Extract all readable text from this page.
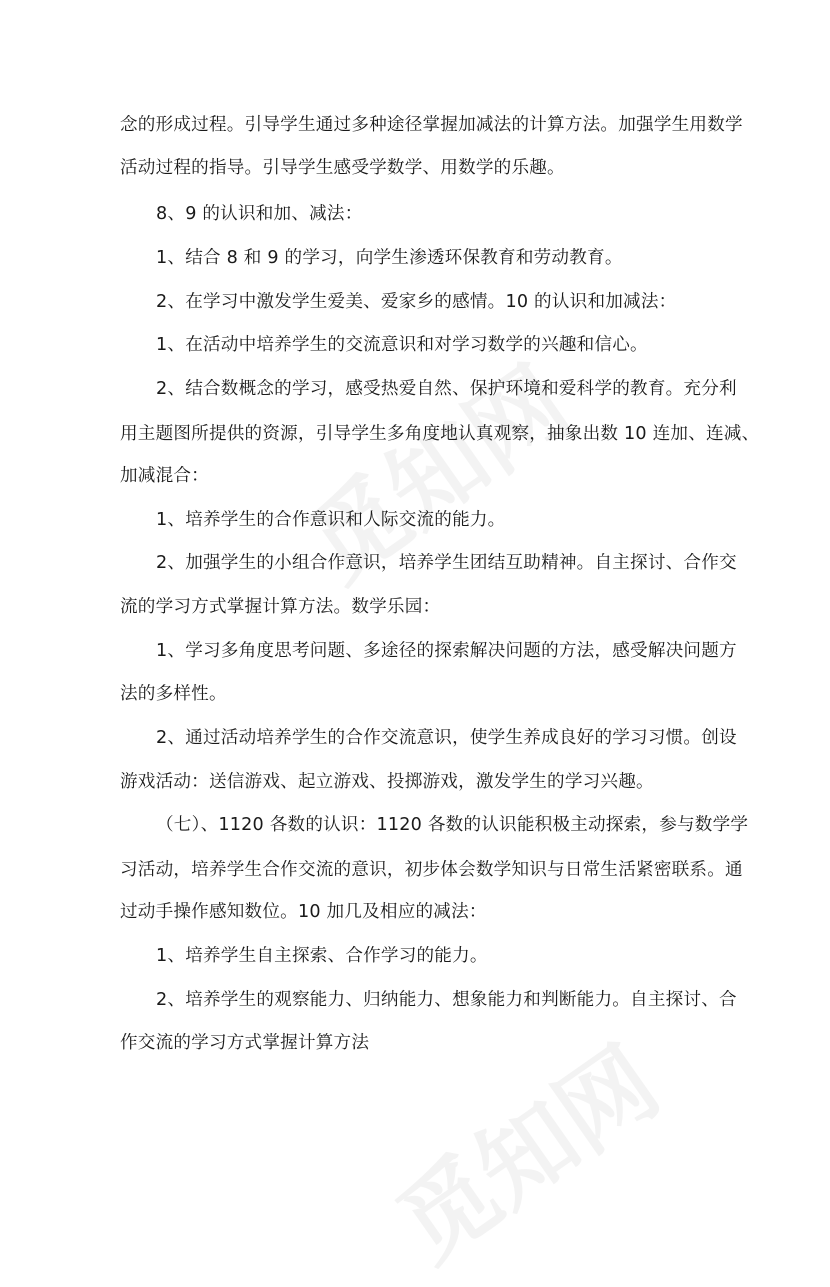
念的形成过程。引导学生通过多种途径掌握加减法的计算方法。加强学生用数学
活动过程的指导。引导学生感受学数学、用数学的乐趣。
8、9 的认识和加、减法：
1、结合 8 和 9 的学习，向学生渗透环保教育和劳动教育。
2、在学习中激发学生爱美、爱家乡的感情。10 的认识和加减法：
1、在活动中培养学生的交流意识和对学习数学的兴趣和信心。
2、结合数概念的学习，感受热爱自然、保护环境和爱科学的教育。充分利
用主题图所提供的资源，引导学生多角度地认真观察，抽象出数 10 连加、连减、
加减混合：
1、培养学生的合作意识和人际交流的能力。
2、加强学生的小组合作意识，培养学生团结互助精神。自主探讨、合作交
流的学习方式掌握计算方法。数学乐园：
1、学习多角度思考问题、多途径的探索解决问题的方法，感受解决问题方
法的多样性。
2、通过活动培养学生的合作交流意识，使学生养成良好的学习习惯。创设
游戏活动：送信游戏、起立游戏、投掷游戏，激发学生的学习兴趣。
（七）、1120 各数的认识：1120 各数的认识能积极主动探索，参与数学学
习活动，培养学生合作交流的意识，初步体会数学知识与日常生活紧密联系。通
过动手操作感知数位。10 加几及相应的减法：
1、培养学生自主探索、合作学习的能力。
2、培养学生的观察能力、归纳能力、想象能力和判断能力。自主探讨、合
作交流的学习方式掌握计算方法
